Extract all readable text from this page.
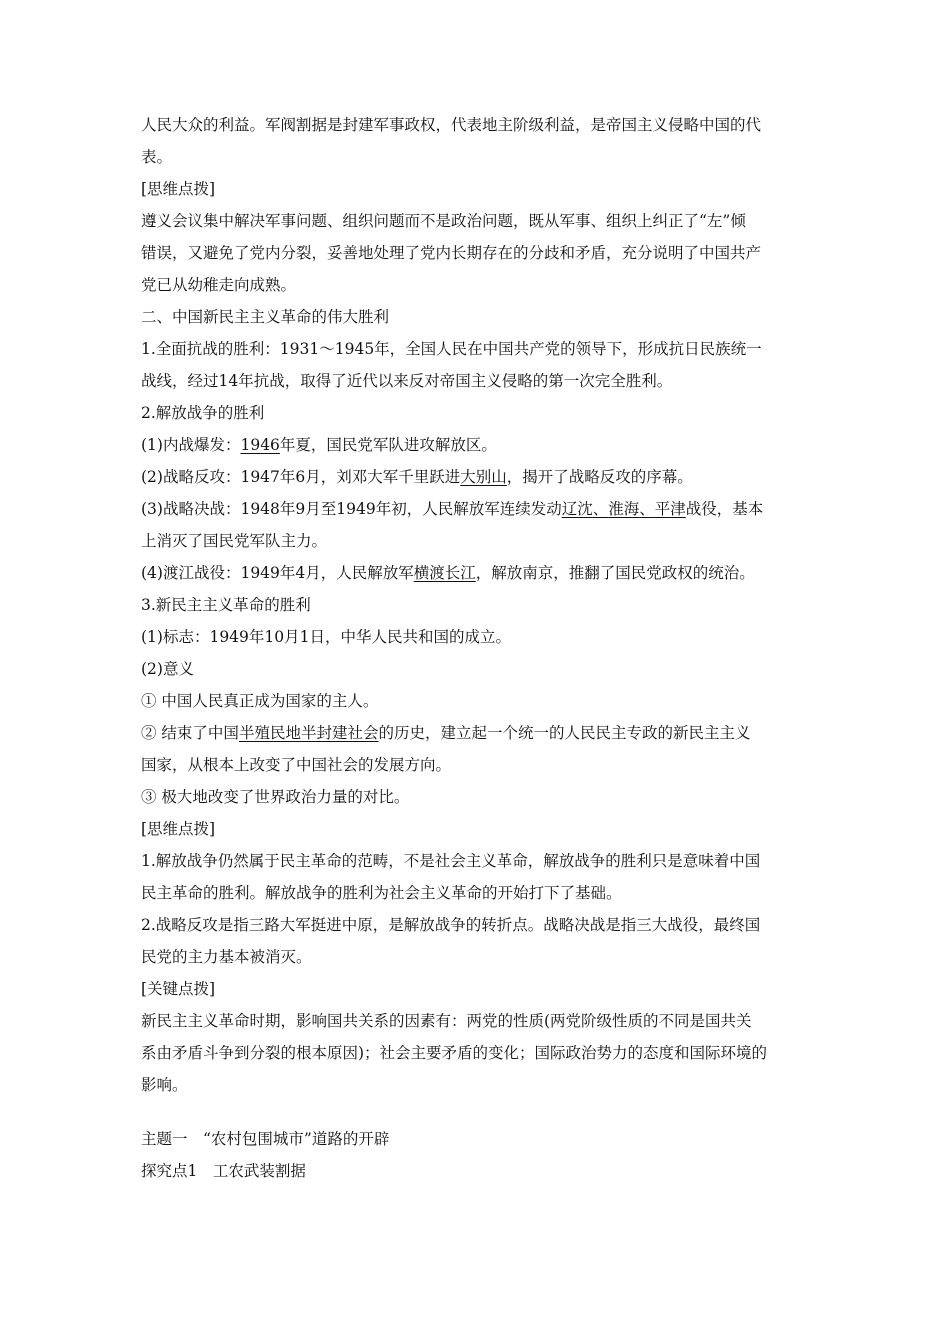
人民大众的利益。军阀割据是封建军事政权，代表地主阶级利益，是帝国主义侵略中国的代

表。

[思维点拨]

遵义会议集中解决军事问题、组织问题而不是政治问题，既从军事、组织上纠正了“左”倾

错误，又避免了党内分裂，妥善地处理了党内长期存在的分歧和矛盾，充分说明了中国共产

党已从幼稚走向成熟。

二、中国新民主主义革命的伟大胜利

1.全面抗战的胜利：1931～1945年，全国人民在中国共产党的领导下，形成抗日民族统一

战线，经过14年抗战，取得了近代以来反对帝国主义侵略的第一次完全胜利。

2.解放战争的胜利

(1)内战爆发：1946年夏，国民党军队进攻解放区。

(2)战略反攻：1947年6月，刘邓大军千里跃进大别山，揭开了战略反攻的序幕。

(3)战略决战：1948年9月至1949年初，人民解放军连续发动辽沈、淮海、平津战役，基本

上消灭了国民党军队主力。

(4)渡江战役：1949年4月，人民解放军横渡长江，解放南京，推翻了国民党政权的统治。

3.新民主主义革命的胜利

(1)标志：1949年10月1日，中华人民共和国的成立。

(2)意义

① 中国人民真正成为国家的主人。

② 结束了中国半殖民地半封建社会的历史，建立起一个统一的人民民主专政的新民主主义

国家，从根本上改变了中国社会的发展方向。

③ 极大地改变了世界政治力量的对比。

[思维点拨]

1.解放战争仍然属于民主革命的范畴，不是社会主义革命，解放战争的胜利只是意味着中国

民主革命的胜利。解放战争的胜利为社会主义革命的开始打下了基础。

2.战略反攻是指三路大军挺进中原，是解放战争的转折点。战略决战是指三大战役，最终国

民党的主力基本被消灭。

[关键点拨]

新民主主义革命时期，影响国共关系的因素有：两党的性质(两党阶级性质的不同是国共关

系由矛盾斗争到分裂的根本原因)；社会主要矛盾的变化；国际政治势力的态度和国际环境的

影响。

主题一　“农村包围城市”道路的开辟

探究点1　工农武装割据
